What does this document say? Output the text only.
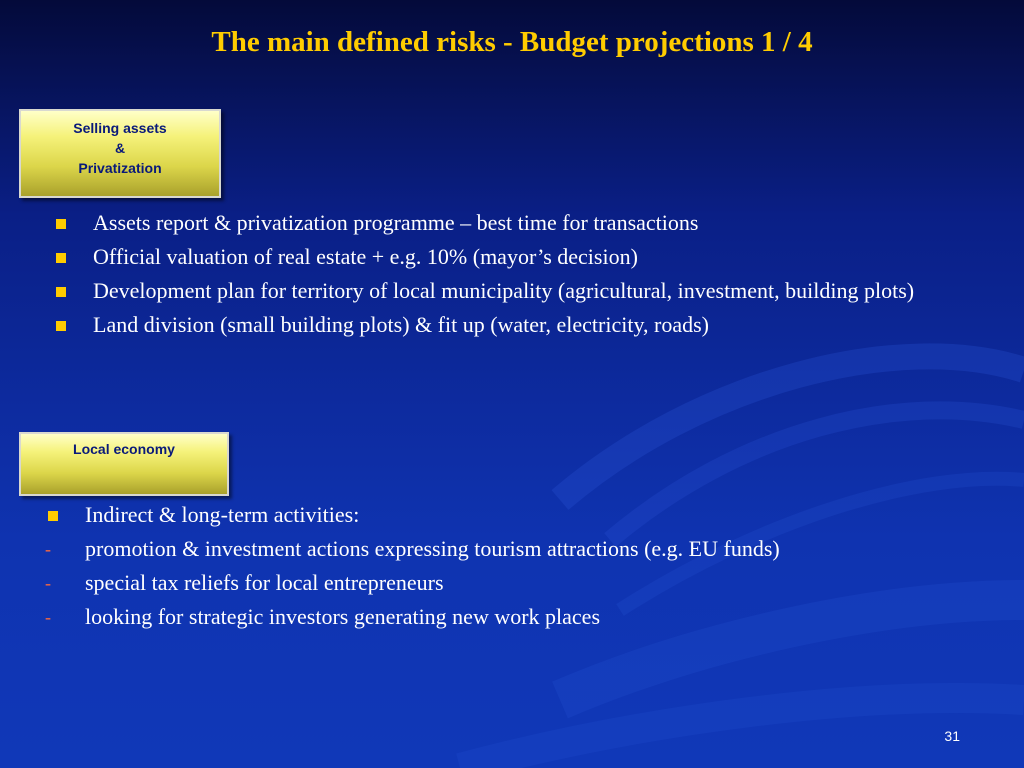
The main defined risks - Budget projections 1 / 4
Selling assets
&
Privatization
Assets report & privatization programme – best time for transactions
Official valuation of real estate + e.g. 10% (mayor’s decision)
Development plan for territory of local municipality (agricultural, investment, building plots)
Land division (small building plots) & fit up (water, electricity, roads)
Local economy
Indirect & long-term activities:
- promotion & investment actions expressing tourism attractions (e.g. EU funds)
- special tax reliefs for local entrepreneurs
- looking for strategic investors generating new work places
31
